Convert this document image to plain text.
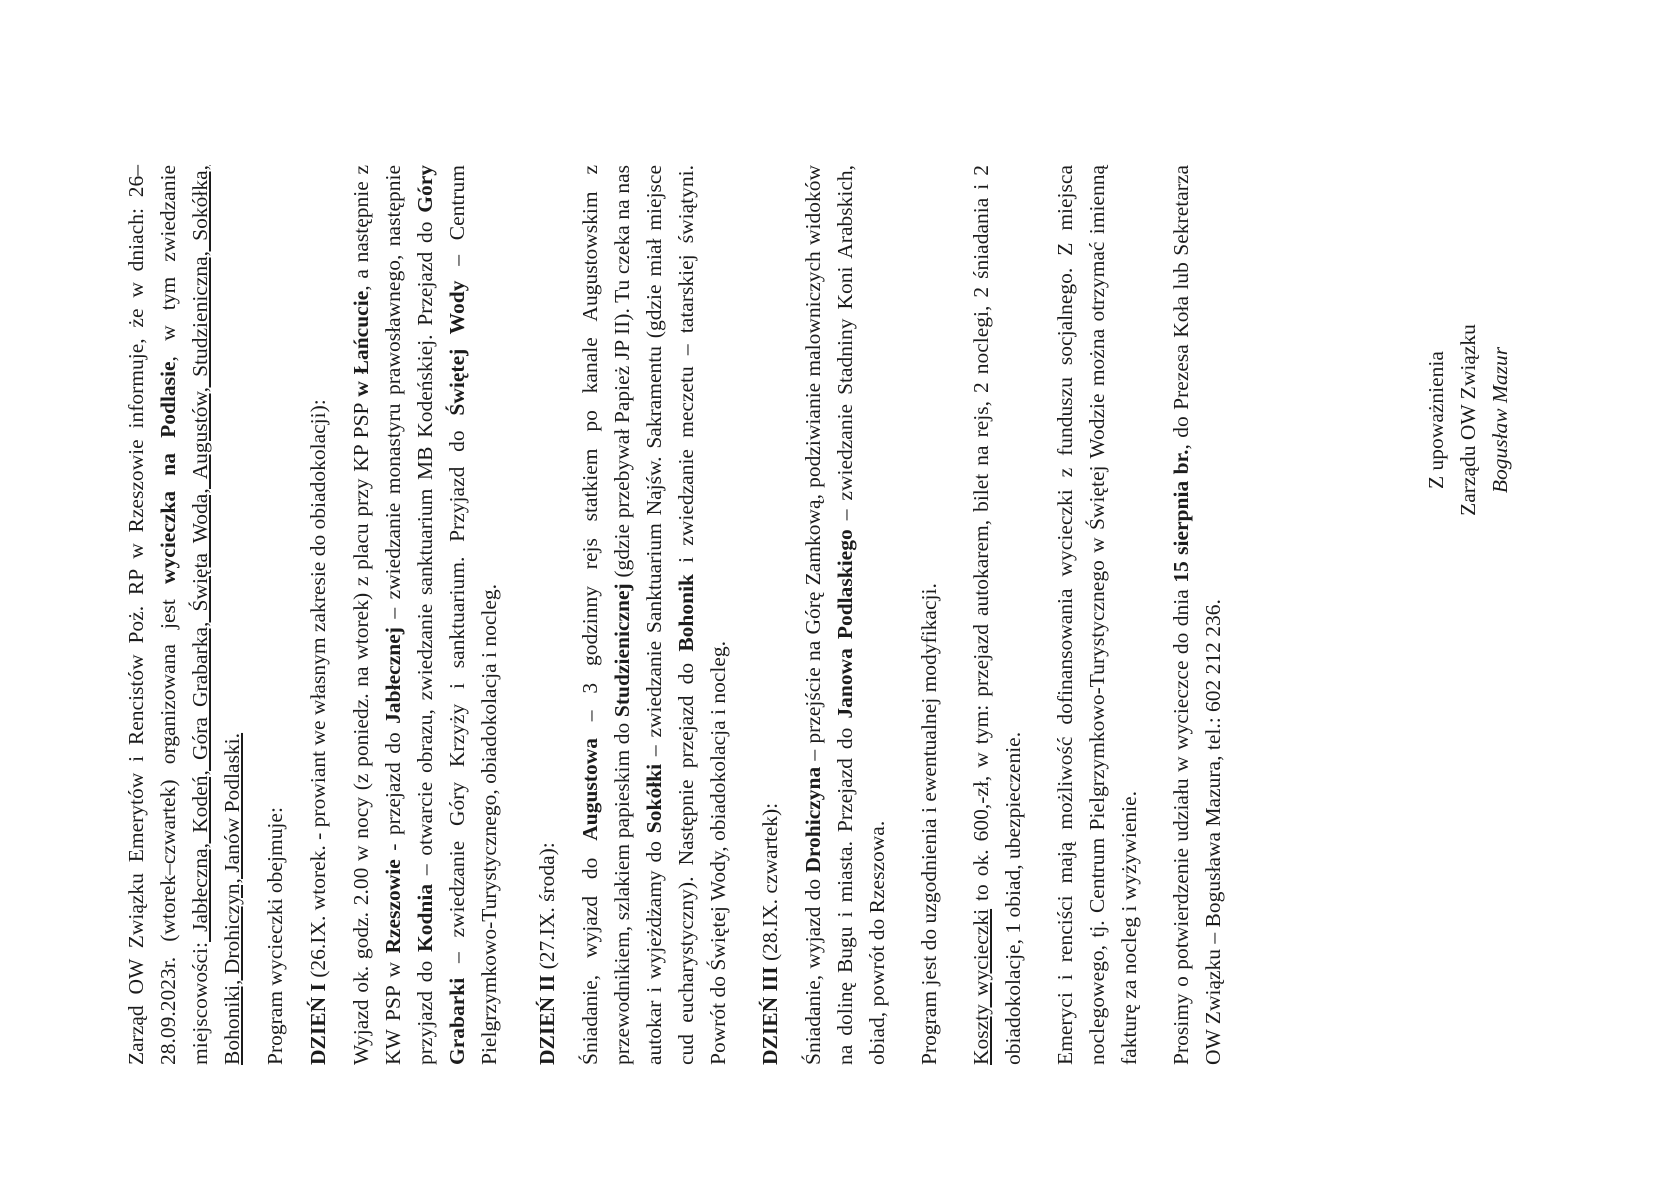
Zarząd OW Związku Emerytów i Rencistów Poż. RP w Rzeszowie informuje, że w dniach: 26–28.09.2023r. (wtorek–czwartek) organizowana jest wycieczka na Podlasie, w tym zwiedzanie miejscowości: Jabłeczna, Kodeń, Góra Grabarka, Święta Woda, Augustów, Studzieniczna, Sokółka, Bohoniki, Drohiczyn, Janów Podlaski. Program wycieczki obejmuje: DZIEŃ I (26.IX. wtorek. - prowiant we własnym zakresie do obiadokolacji): Wyjazd ok. godz. 2.00 w nocy (z poniedz. na wtorek) z placu przy KP PSP w Łańcucie, a następnie z KW PSP w Rzeszowie - przejazd do Jabłecznej – zwiedzanie monastyru prawosławnego, następnie przyjazd do Kodnia – otwarcie obrazu, zwiedzanie sanktuarium MB Kodeńskiej. Przejazd do Góry Grabarki – zwiedzanie Góry Krzyży i sanktuarium. Przyjazd do Świętej Wody – Centrum Pielgrzymkowo-Turystycznego, obiadokolacja i nocleg. DZIEŃ II (27.IX. środa): Śniadanie, wyjazd do Augustowa – 3 godzinny rejs statkiem po kanale Augustowskim z przewodnikiem, szlakiem papieskim do Studzienicznej (gdzie przebywał Papież JP II). Tu czeka na nas autokar i wyjeżdżamy do Sokółki – zwiedzanie Sanktuarium Najśw. Sakramentu (gdzie miał miejsce cud eucharystyczny). Następnie przejazd do Bohonik i zwiedzanie meczetu – tatarskiej świątyni. Powrót do Świętej Wody, obiadokolacja i nocleg. DZIEŃ III (28.IX. czwartek): Śniadanie, wyjazd do Drohiczyna – przejście na Górę Zamkową, podziwianie malowniczych widoków na dolinę Bugu i miasta. Przejazd do Janowa Podlaskiego – zwiedzanie Stadniny Koni Arabskich, obiad, powrót do Rzeszowa. Program jest do uzgodnienia i ewentualnej modyfikacji. Koszty wycieczki to ok. 600,-zł, w tym: przejazd autokarem, bilet na rejs, 2 noclegi, 2 śniadania i 2 obiadokolacje, 1 obiad, ubezpieczenie. Emeryci i renciści mają możliwość dofinansowania wycieczki z funduszu socjalnego. Z miejsca noclegowego, tj. Centrum Pielgrzymkowo-Turystycznego w Świętej Wodzie można otrzymać imienną fakturę za nocleg i wyżywienie. Prosimy o potwierdzenie udziału w wycieczce do dnia 15 sierpnia br., do Prezesa Koła lub Sekretarza OW Związku – Bogusława Mazura, tel.: 602 212 236.

Z upoważnienia Zarządu OW Związku Bogusław Mazur
